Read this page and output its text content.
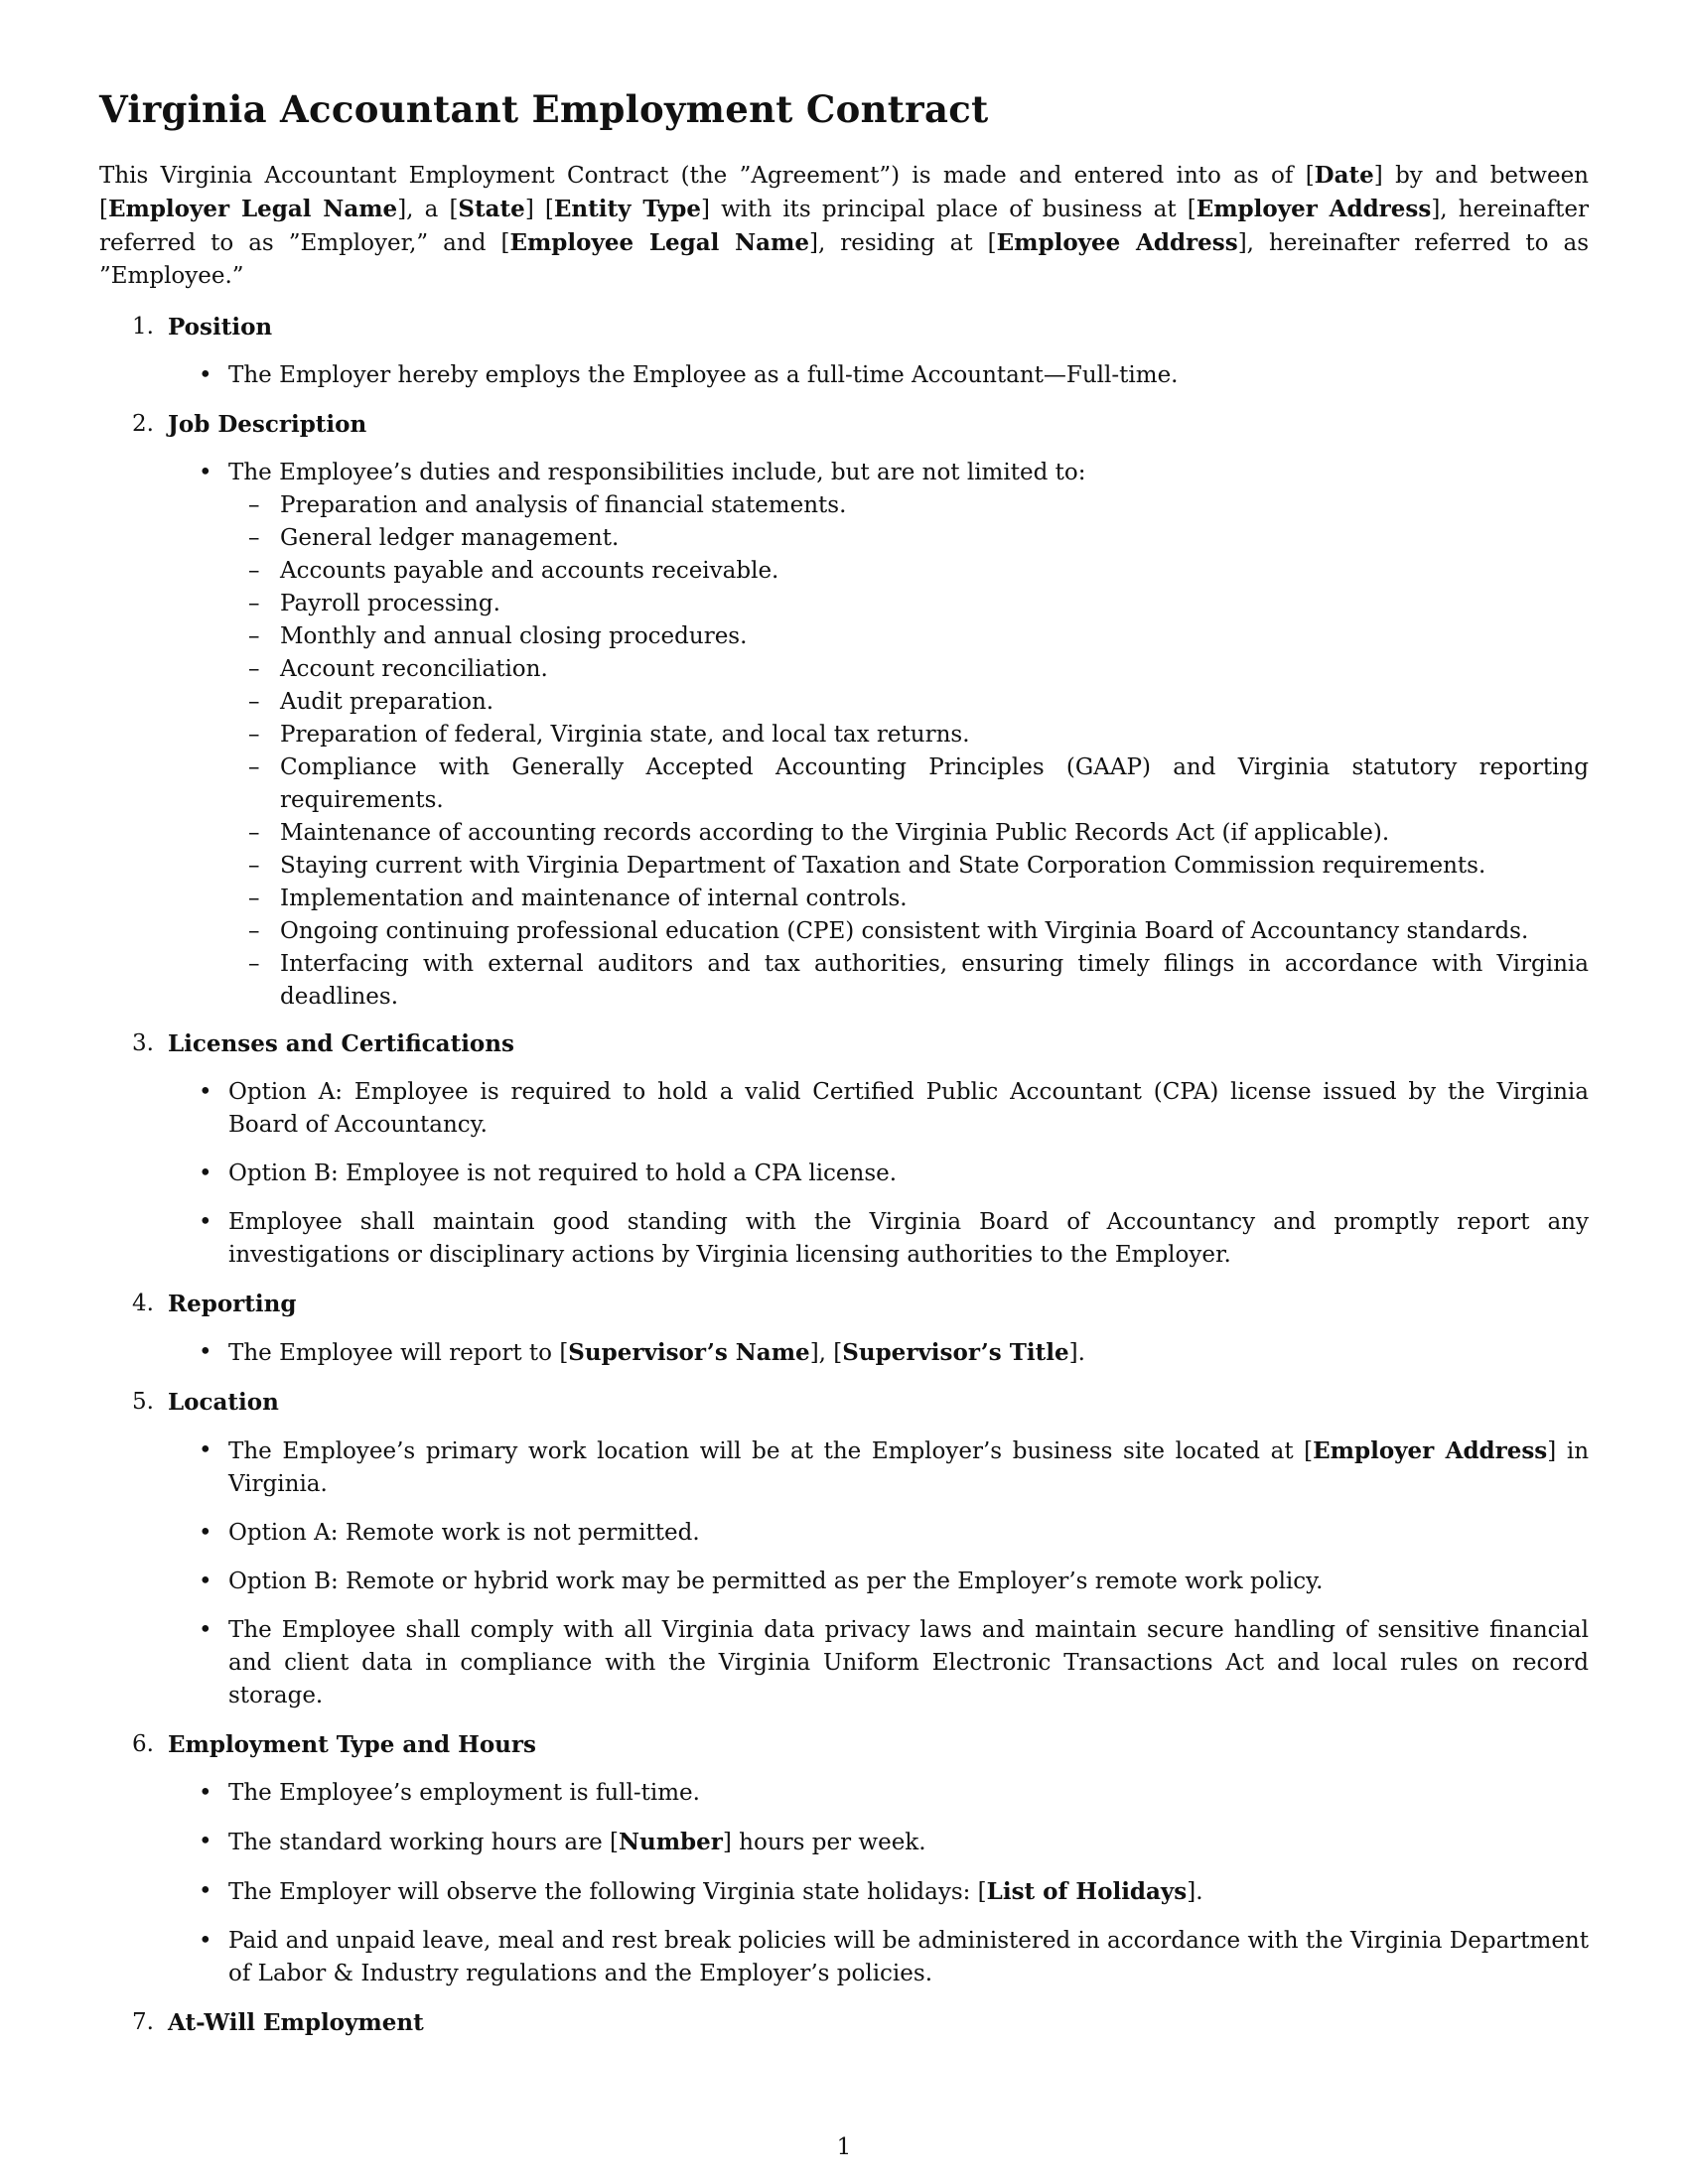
Virginia Accountant Employment Contract

This Virginia Accountant Employment Contract (the ”Agreement”) is made and entered into as of [Date] by and between [Employer Legal Name], a [State] [Entity Type] with its principal place of business at [Employer Address], hereinafter referred to as ”Employer,” and [Employee Legal Name], residing at [Employee Address], hereinafter referred to as ”Employee.”

1. Position
• The Employer hereby employs the Employee as a full-time Accountant—Full-time.
2. Job Description
• The Employee’s duties and responsibilities include, but are not limited to:
– Preparation and analysis of financial statements.
– General ledger management.
– Accounts payable and accounts receivable.
– Payroll processing.
– Monthly and annual closing procedures.
– Account reconciliation.
– Audit preparation.
– Preparation of federal, Virginia state, and local tax returns.
– Compliance with Generally Accepted Accounting Principles (GAAP) and Virginia statutory reporting requirements.
– Maintenance of accounting records according to the Virginia Public Records Act (if applicable).
– Staying current with Virginia Department of Taxation and State Corporation Commission requirements.
– Implementation and maintenance of internal controls.
– Ongoing continuing professional education (CPE) consistent with Virginia Board of Accountancy standards.
– Interfacing with external auditors and tax authorities, ensuring timely filings in accordance with Virginia deadlines.
3. Licenses and Certifications
• Option A: Employee is required to hold a valid Certified Public Accountant (CPA) license issued by the Virginia Board of Accountancy.
• Option B: Employee is not required to hold a CPA license.
• Employee shall maintain good standing with the Virginia Board of Accountancy and promptly report any investigations or disciplinary actions by Virginia licensing authorities to the Employer.
4. Reporting
• The Employee will report to [Supervisor’s Name], [Supervisor’s Title].
5. Location
• The Employee’s primary work location will be at the Employer’s business site located at [Employer Address] in Virginia.
• Option A: Remote work is not permitted.
• Option B: Remote or hybrid work may be permitted as per the Employer’s remote work policy.
• The Employee shall comply with all Virginia data privacy laws and maintain secure handling of sensitive financial and client data in compliance with the Virginia Uniform Electronic Transactions Act and local rules on record storage.
6. Employment Type and Hours
• The Employee’s employment is full-time.
• The standard working hours are [Number] hours per week.
• The Employer will observe the following Virginia state holidays: [List of Holidays].
• Paid and unpaid leave, meal and rest break policies will be administered in accordance with the Virginia Department of Labor & Industry regulations and the Employer’s policies.
7. At-Will Employment
1
